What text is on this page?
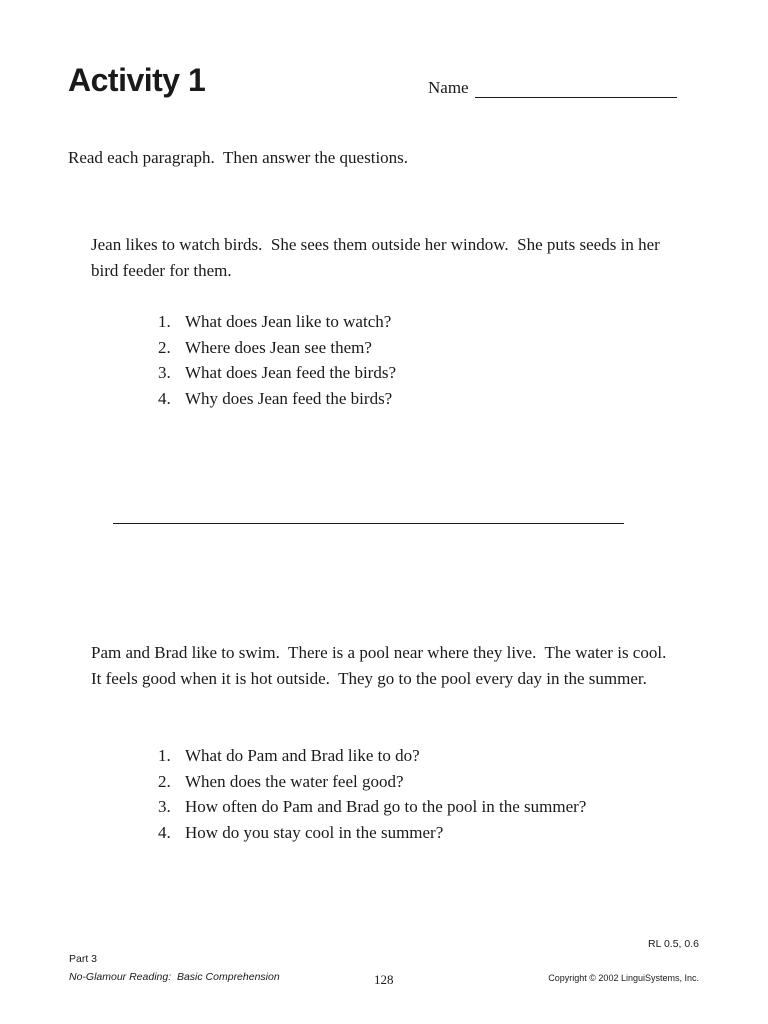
Activity 1	Name

Read each paragraph.  Then answer the questions.

Jean likes to watch birds.  She sees them outside her window.  She puts seeds in her bird feeder for them.

1. What does Jean like to watch?
2. Where does Jean see them?
3. What does Jean feed the birds?
4. Why does Jean feed the birds?

Pam and Brad like to swim.  There is a pool near where they live.  The water is cool.  It feels good when it is hot outside.  They go to the pool every day in the summer.

1. What do Pam and Brad like to do?
2. When does the water feel good?
3. How often do Pam and Brad go to the pool in the summer?
4. How do you stay cool in the summer?
RL 0.5, 0.6
Part 3
No-Glamour Reading:  Basic Comprehension	128	Copyright © 2002 LinguiSystems, Inc.
